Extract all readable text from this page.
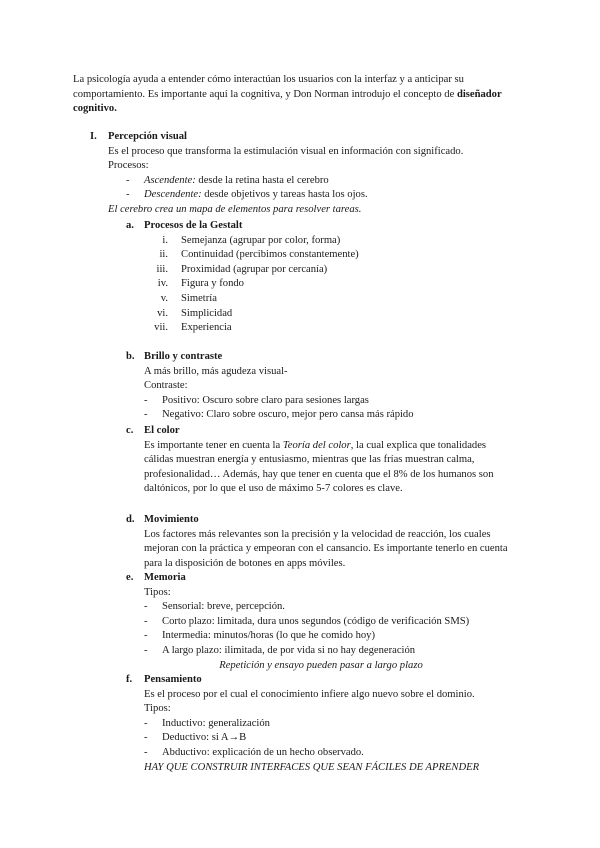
La psicología ayuda a entender cómo interactúan los usuarios con la interfaz y a anticipar su comportamiento. Es importante aquí la cognitiva, y Don Norman introdujo el concepto de diseñador cognitivo.
I. Percepción visual
Es el proceso que transforma la estimulación visual en información con significado.
Procesos:
- Ascendente: desde la retina hasta el cerebro
- Descendente: desde objetivos y tareas hasta los ojos.
El cerebro crea un mapa de elementos para resolver tareas.
a. Procesos de la Gestalt
i. Semejanza (agrupar por color, forma)
ii. Continuidad (percibimos constantemente)
iii. Proximidad (agrupar por cercanía)
iv. Figura y fondo
v. Simetría
vi. Simplicidad
vii. Experiencia
b. Brillo y contraste
A más brillo, más agudeza visual-
Contraste:
- Positivo: Oscuro sobre claro para sesiones largas
- Negativo: Claro sobre oscuro, mejor pero cansa más rápido
c. El color
Es importante tener en cuenta la Teoría del color, la cual explica que tonalidades cálidas muestran energía y entusiasmo, mientras que las frías muestran calma, profesionalidad… Además, hay que tener en cuenta que el 8% de los humanos son daltónicos, por lo que el uso de máximo 5-7 colores es clave.
d. Movimiento
Los factores más relevantes son la precisión y la velocidad de reacción, los cuales mejoran con la práctica y empeoran con el cansancio. Es importante tenerlo en cuenta para la disposición de botones en apps móviles.
e. Memoria
Tipos:
- Sensorial: breve, percepción.
- Corto plazo: limitada, dura unos segundos (código de verificación SMS)
- Intermedia: minutos/horas (lo que he comido hoy)
- A largo plazo: ilimitada, de por vida si no hay degeneración
Repetición y ensayo pueden pasar a largo plazo
f. Pensamiento
Es el proceso por el cual el conocimiento infiere algo nuevo sobre el dominio.
Tipos:
- Inductivo: generalización
- Deductivo: si A→B
- Abductivo: explicación de un hecho observado.
HAY QUE CONSTRUIR INTERFACES QUE SEAN FÁCILES DE APRENDER
